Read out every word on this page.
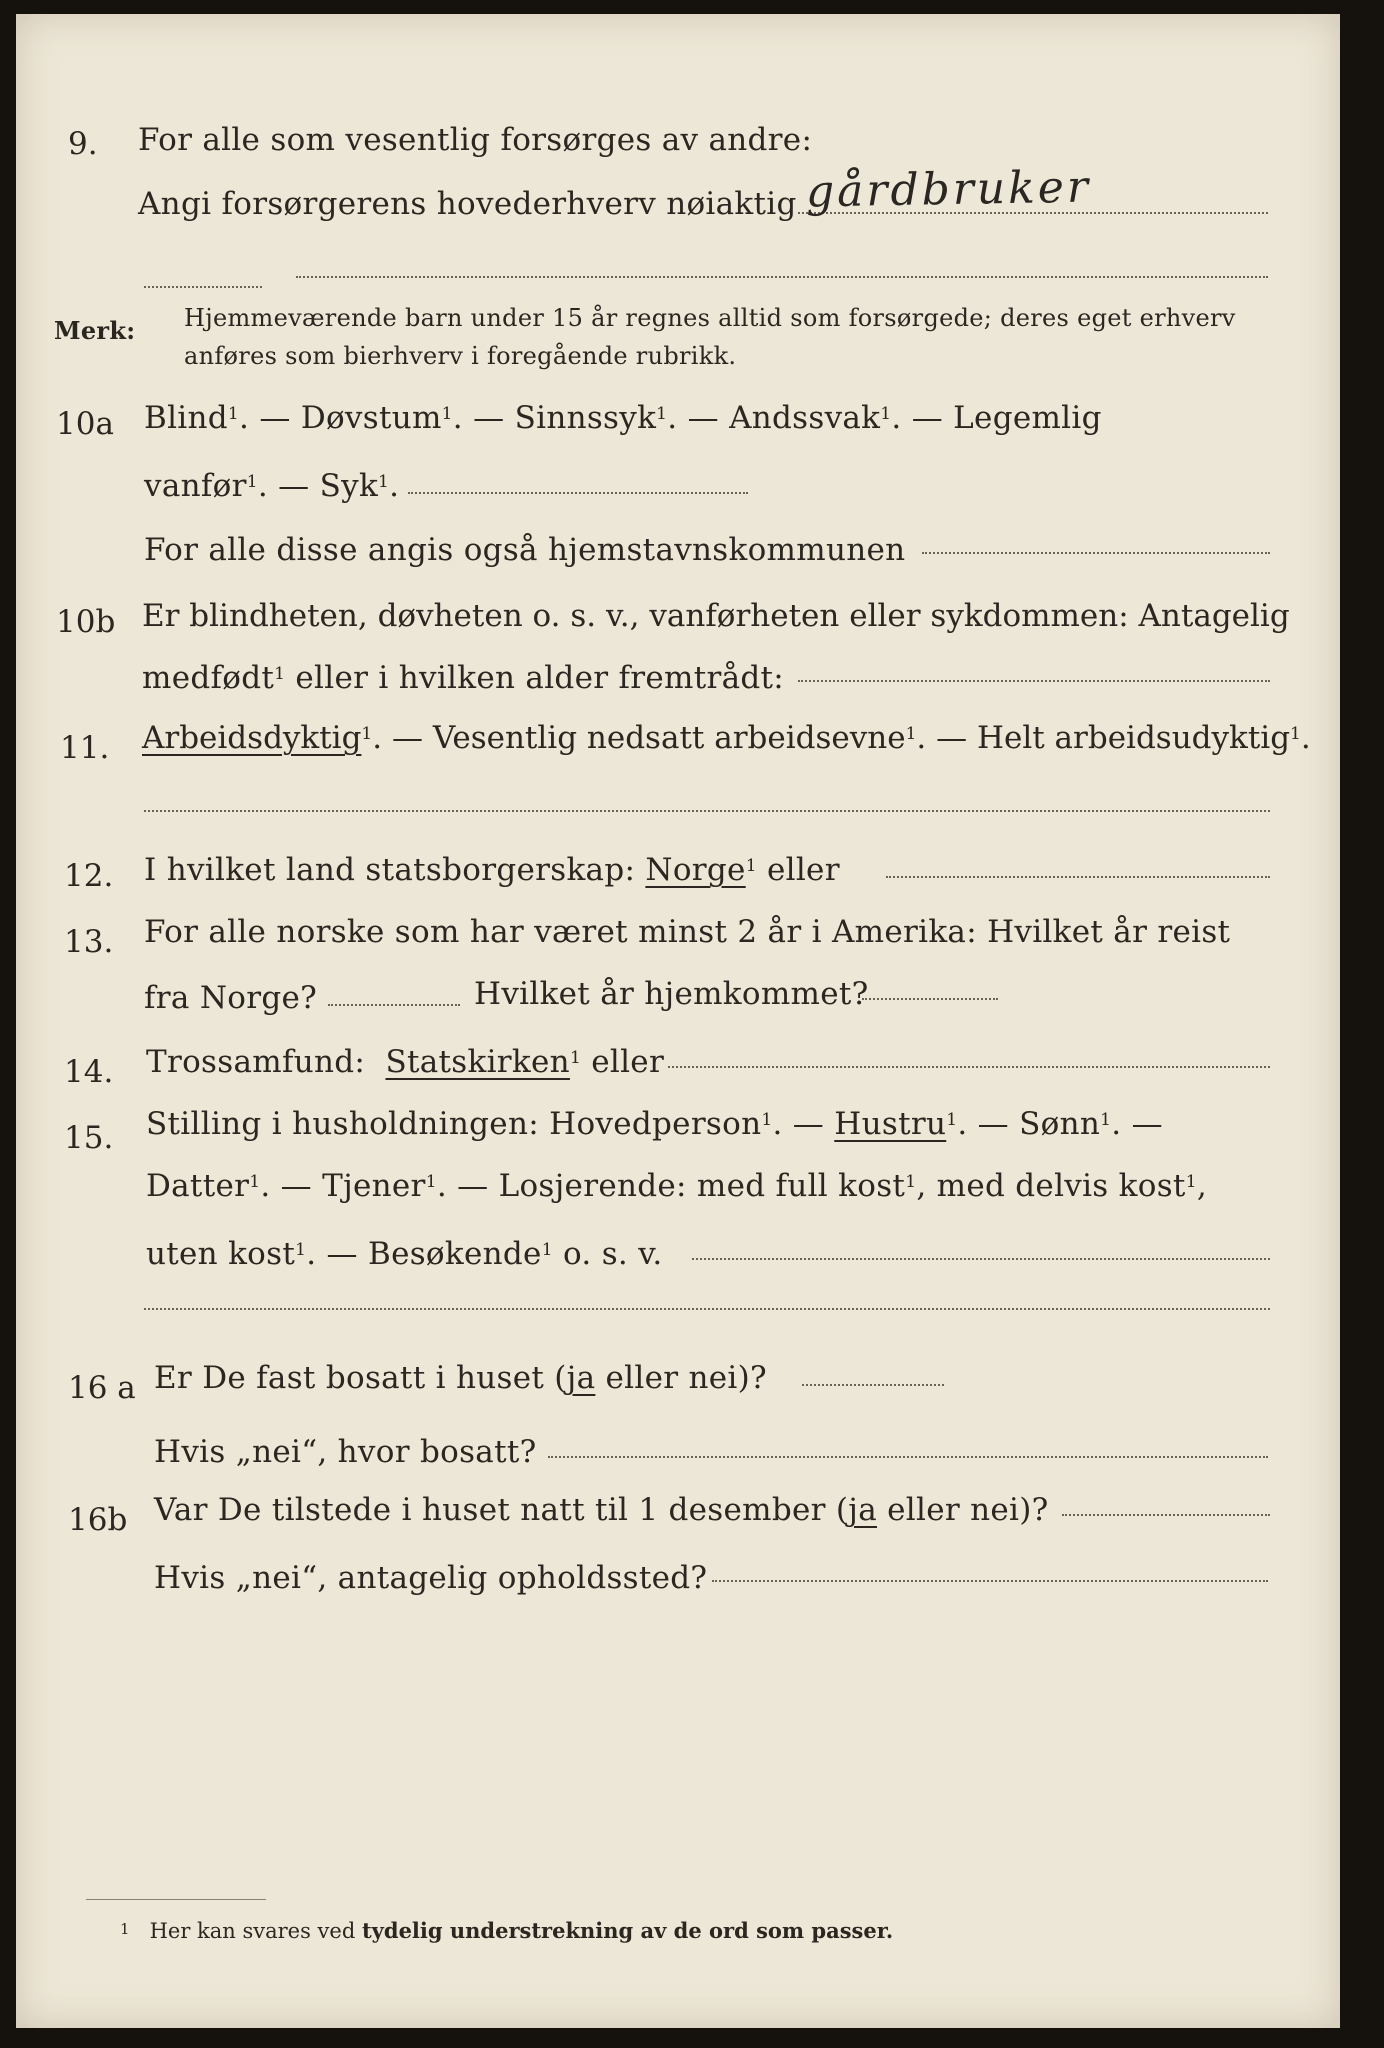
9. For alle som vesentlig forsørges av andre:
Angi forsørgerens hovederhverv nøiaktig gårdbruker
Merk: Hjemmeværende barn under 15 år regnes alltid som forsørgede; deres eget erhverv
anføres som bierhverv i foregående rubrikk.
10a Blind$^1$. — Døvstum$^1$. — Sinnssyk$^1$. — Andssvak$^1$. — Legemlig
vanfør$^1$. — Syk$^1$.
For alle disse angis også hjemstavnskommunen
10b Er blindheten, døvheten o. s. v., vanførheten eller sykdommen: Antagelig
medfødt$^1$ eller i hvilken alder fremtrådt:
11. Arbeidsdyktig$^1$. — Vesentlig nedsatt arbeidsevne$^1$. — Helt arbeidsudyktig$^1$.
12. I hvilket land statsborgerskap: Norge$^1$ eller
13. For alle norske som har været minst 2 år i Amerika: Hvilket år reist
fra Norge?	Hvilket år hjemkommet?
14. Trossamfund: Statskirken$^1$ eller
15. Stilling i husholdningen: Hovedperson$^1$. — Hustru$^1$. — Sønn$^1$. —
Datter$^1$. — Tjener$^1$. — Losjerende: med full kost$^1$, med delvis kost$^1$,
uten kost$^1$. — Besøkende$^1$ o. s. v.
16 a Er De fast bosatt i huset (ja eller nei)?
Hvis „nei“, hvor bosatt?
16b Var De tilstede i huset natt til 1 desember (ja eller nei)?
Hvis „nei“, antagelig opholdssted?
1 Her kan svares ved tydelig understrekning av de ord som passer.
